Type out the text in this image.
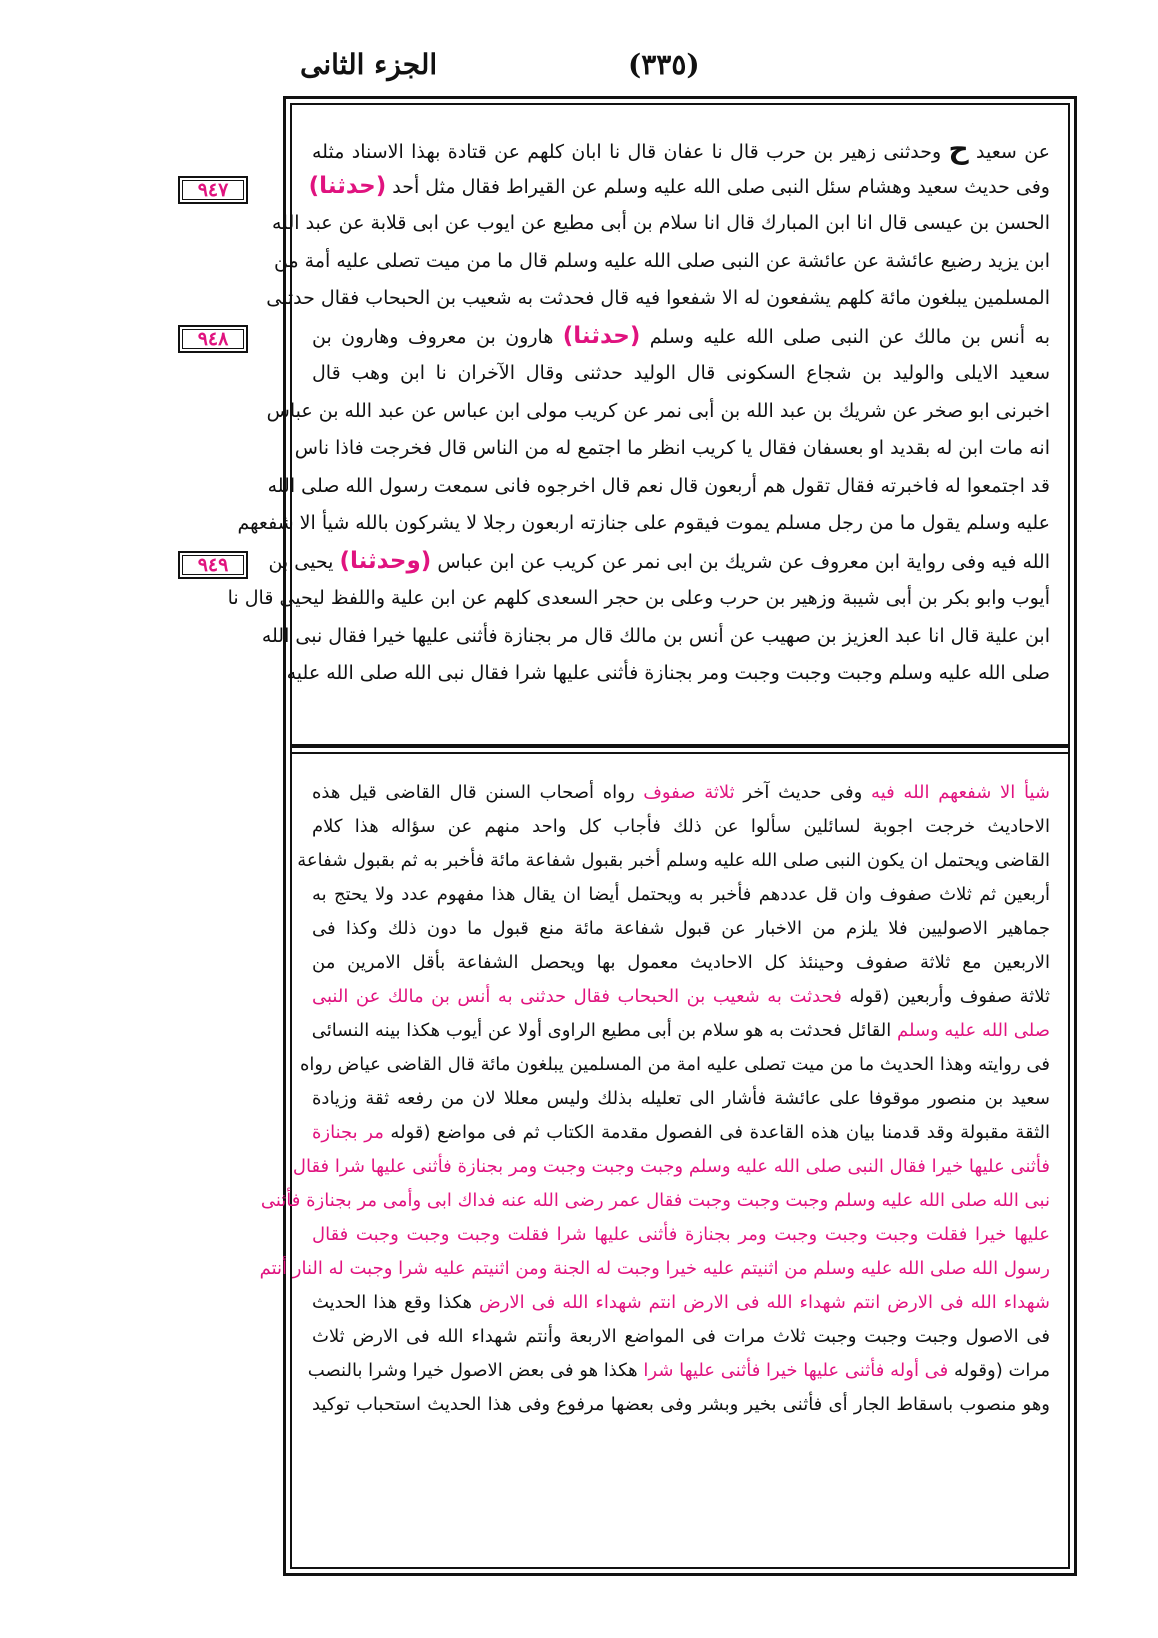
الجزء الثانى	(٣٣٥)
٩٤٧
٩٤٨
٩٤٩
عن سعيد ح وحدثنى زهير بن حرب قال نا عفان قال نا ابان كلهم عن قتادة بهذا الاسناد مثله
وفى حديث سعيد وهشام سئل النبى صلى الله عليه وسلم عن القيراط فقال مثل أحد (حدثنا)
الحسن بن عيسى قال انا ابن المبارك قال انا سلام بن أبى مطيع عن ايوب عن ابى قلابة عن عبد الله
ابن يزيد رضيع عائشة عن عائشة عن النبى صلى الله عليه وسلم قال ما من ميت تصلى عليه أمة من
المسلمين يبلغون مائة كلهم يشفعون له الا شفعوا فيه قال فحدثت به شعيب بن الحبحاب فقال حدثنى
به أنس بن مالك عن النبى صلى الله عليه وسلم (حدثنا) هارون بن معروف وهارون بن
سعيد الايلى والوليد بن شجاع السكونى قال الوليد حدثنى وقال الآخران نا ابن وهب قال
اخبرنى ابو صخر عن شريك بن عبد الله بن أبى نمر عن كريب مولى ابن عباس عن عبد الله بن عباس
انه مات ابن له بقديد او بعسفان فقال يا كريب انظر ما اجتمع له من الناس قال فخرجت فاذا ناس
قد اجتمعوا له فاخبرته فقال تقول هم أربعون قال نعم قال اخرجوه فانى سمعت رسول الله صلى الله
عليه وسلم يقول ما من رجل مسلم يموت فيقوم على جنازته اربعون رجلا لا يشركون بالله شيأ الا شفعهم
الله فيه وفى رواية ابن معروف عن شريك بن ابى نمر عن كريب عن ابن عباس (وحدثنا) يحيى بن
أيوب وابو بكر بن أبى شيبة وزهير بن حرب وعلى بن حجر السعدى كلهم عن ابن علية واللفظ ليحيى قال نا
ابن علية قال انا عبد العزيز بن صهيب عن أنس بن مالك قال مر بجنازة فأثنى عليها خيرا فقال نبى الله
صلى الله عليه وسلم وجبت وجبت وجبت ومر بجنازة فأثنى عليها شرا فقال نبى الله صلى الله عليه
شيأ الا شفعهم الله فيه وفى حديث آخر ثلاثة صفوف رواه أصحاب السنن قال القاضى قيل هذه
الاحاديث خرجت اجوبة لسائلين سألوا عن ذلك فأجاب كل واحد منهم عن سؤاله هذا كلام
القاضى ويحتمل ان يكون النبى صلى الله عليه وسلم أخبر بقبول شفاعة مائة فأخبر به ثم بقبول شفاعة
أربعين ثم ثلاث صفوف وان قل عددهم فأخبر به ويحتمل أيضا ان يقال هذا مفهوم عدد ولا يحتج به
جماهير الاصوليين فلا يلزم من الاخبار عن قبول شفاعة مائة منع قبول ما دون ذلك وكذا فى
الاربعين مع ثلاثة صفوف وحينئذ كل الاحاديث معمول بها ويحصل الشفاعة بأقل الامرين من
ثلاثة صفوف وأربعين (قوله فحدثت به شعيب بن الحبحاب فقال حدثنى به أنس بن مالك عن النبى
صلى الله عليه وسلم القائل فحدثت به هو سلام بن أبى مطيع الراوى أولا عن أيوب هكذا بينه النسائى
فى روايته وهذا الحديث ما من ميت تصلى عليه امة من المسلمين يبلغون مائة قال القاضى عياض رواه
سعيد بن منصور موقوفا على عائشة فأشار الى تعليله بذلك وليس معللا لان من رفعه ثقة وزيادة
الثقة مقبولة وقد قدمنا بيان هذه القاعدة فى الفصول مقدمة الكتاب ثم فى مواضع (قوله مر بجنازة
فأثنى عليها خيرا فقال النبى صلى الله عليه وسلم وجبت وجبت وجبت ومر بجنازة فأثنى عليها شرا فقال
نبى الله صلى الله عليه وسلم وجبت وجبت وجبت فقال عمر رضى الله عنه فداك ابى وأمى مر بجنازة فأثنى
عليها خيرا فقلت وجبت وجبت وجبت ومر بجنازة فأثنى عليها شرا فقلت وجبت وجبت وجبت فقال
رسول الله صلى الله عليه وسلم من اثنيتم عليه خيرا وجبت له الجنة ومن اثنيتم عليه شرا وجبت له النار أنتم
شهداء الله فى الارض انتم شهداء الله فى الارض انتم شهداء الله فى الارض هكذا وقع هذا الحديث
فى الاصول وجبت وجبت وجبت ثلاث مرات فى المواضع الاربعة وأنتم شهداء الله فى الارض ثلاث
مرات (وقوله فى أوله فأثنى عليها خيرا فأثنى عليها شرا هكذا هو فى بعض الاصول خيرا وشرا بالنصب
وهو منصوب باسقاط الجار أى فأثنى بخير وبشر وفى بعضها مرفوع وفى هذا الحديث استحباب توكيد
